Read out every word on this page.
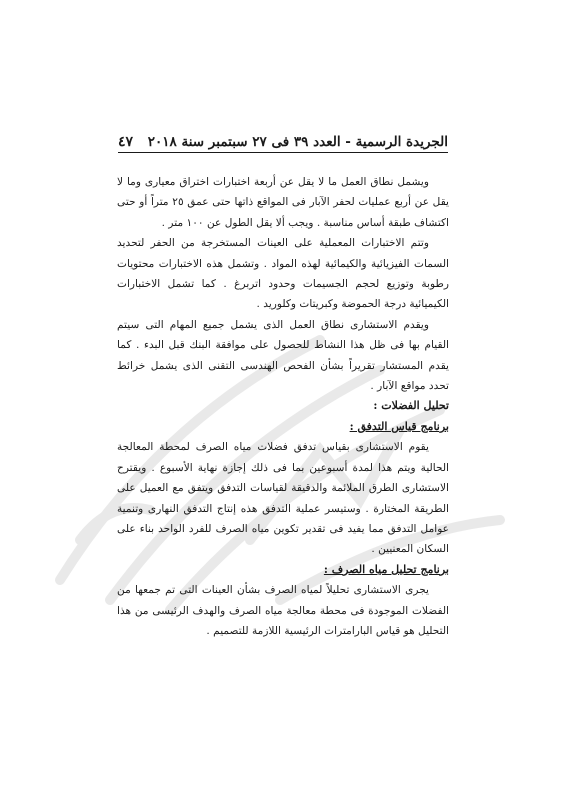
الجريدة الرسمية - العدد ٣٩ فى ٢٧ سبتمبر سنة ٢٠١٨
٤٧

ويشمل نطاق العمل ما لا يقل عن أربعة اختبارات اختراق معيارى وما لا يقل عن أربع عمليات لحفر الآبار فى المواقع ذاتها حتى عمق ٢٥ متراً أو حتى اكتشاف طبقة أساس مناسبة . ويجب ألا يقل الطول عن ١٠٠ متر .

وتتم الاختبارات المعملية على العينات المستخرجة من الحفر لتحديد السمات الفيزيائية والكيمائية لهذه المواد . وتشمل هذه الاختبارات محتويات رطوبة وتوزيع لحجم الجسيمات وحدود اتربرغ . كما تشمل الاختبارات الكيميائية درجة الحموضة وكبريتات وكلوريد .

ويقدم الاستشارى نطاق العمل الذى يشمل جميع المهام التى سيتم القيام بها فى ظل هذا النشاط للحصول على موافقة البنك قبل البدء . كما يقدم المستشار تقريراً بشأن الفحص الهندسى التقنى الذى يشمل خرائط تحدد مواقع الآبار .

تحليل الفضلات :

برنامج قياس التدفق :

يقوم الاستشارى بقياس تدفق فضلات مياه الصرف لمحطة المعالجة الحالية ويتم هذا لمدة أسبوعين بما فى ذلك إجازة نهاية الأسبوع . ويقترح الاستشارى الطرق الملائمة والدقيقة لقياسات التدفق ويتفق مع العميل على الطريقة المختارة . وستيسر عملية التدفق هذه إنتاج التدفق النهارى وتنمية عوامل التدفق مما يفيد فى تقدير تكوين مياه الصرف للفرد الواحد بناء على السكان المعنيين .

برنامج تحليل مياه الصرف :

يجرى الاستشارى تحليلاً لمياه الصرف بشأن العينات التى تم جمعها من الفضلات الموجودة فى محطة معالجة مياه الصرف والهدف الرئيسى من هذا التحليل هو قياس البارامترات الرئيسية اللازمة للتصميم .
